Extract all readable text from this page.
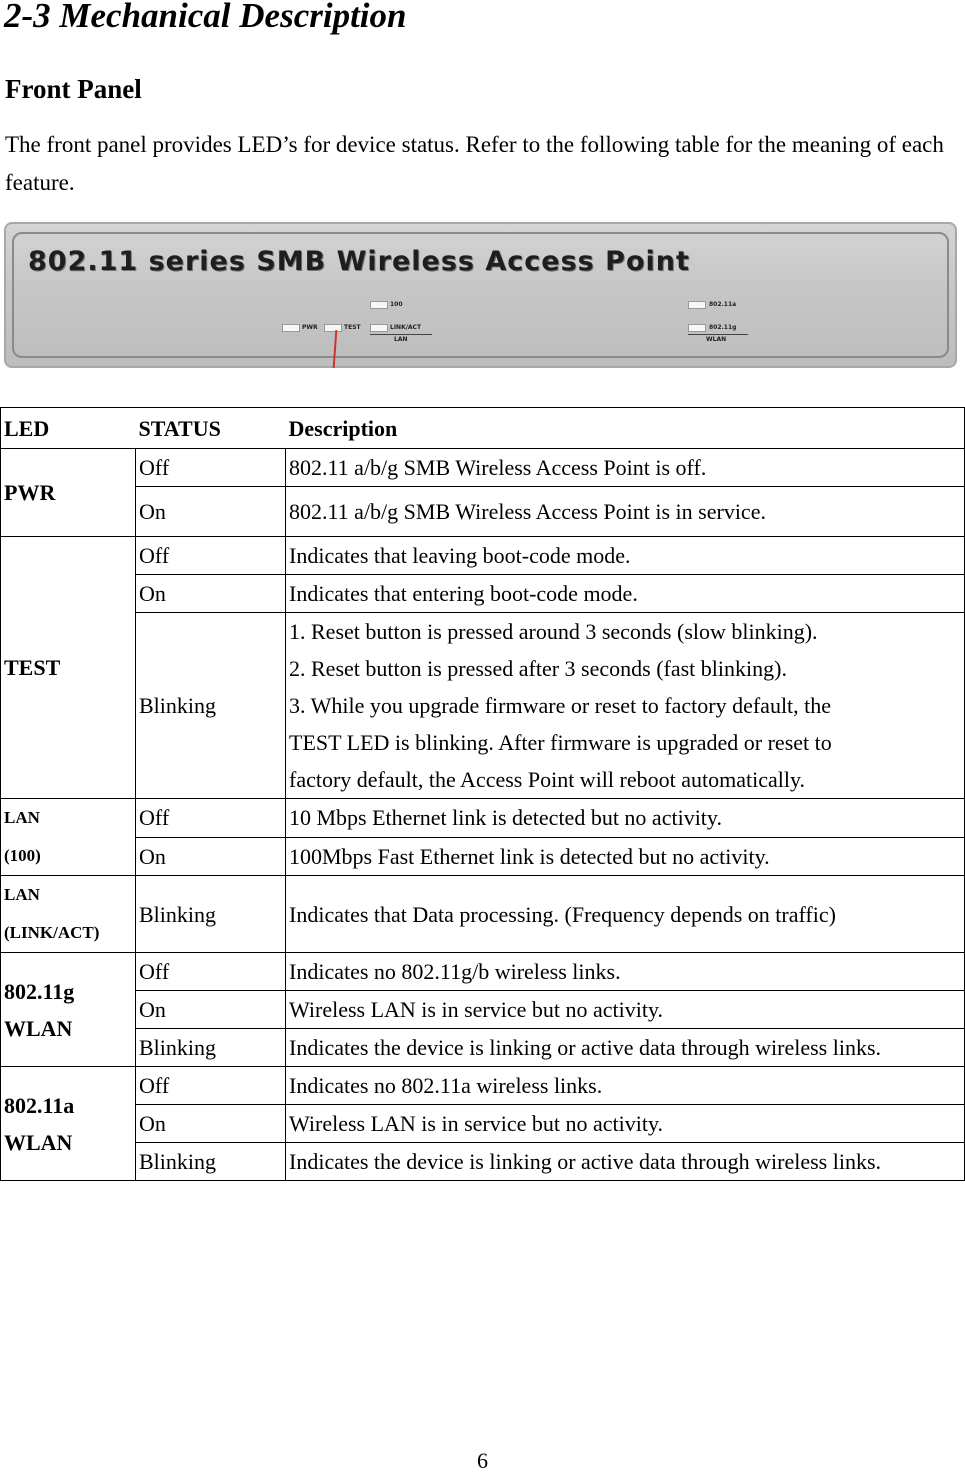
2-3 Mechanical Description
Front Panel

The front panel provides LED’s for device status. Refer to the following table for the meaning of each feature.

802.11 series SMB Wireless Access Point
PWR	TEST
100
LINK/ACT
LAN
802.11a
802.11g
WLAN
LED	STATUS	Description
PWR	Off	802.11 a/b/g SMB Wireless Access Point is off.
	On	802.11 a/b/g SMB Wireless Access Point is in service.
TEST	Off	Indicates that leaving boot-code mode.
	On	Indicates that entering boot-code mode.
	Blinking	1. Reset button is pressed around 3 seconds (slow blinking).
2. Reset button is pressed after 3 seconds (fast blinking).
3. While you upgrade firmware or reset to factory default, the
TEST LED is blinking. After firmware is upgraded or reset to
factory default, the Access Point will reboot automatically.

LAN
(100)	Off	10 Mbps Ethernet link is detected but no activity.
	On	100Mbps Fast Ethernet link is detected but no activity.

LAN
(LINK/ACT)	Blinking	Indicates that Data processing. (Frequency depends on traffic)

802.11g
WLAN	Off	Indicates no 802.11g/b wireless links.
	On	Wireless LAN is in service but no activity.
	Blinking	Indicates the device is linking or active data through wireless links.

802.11a
WLAN	Off	Indicates no 802.11a wireless links.
	On	Wireless LAN is in service but no activity.
	Blinking	Indicates the device is linking or active data through wireless links.

6
